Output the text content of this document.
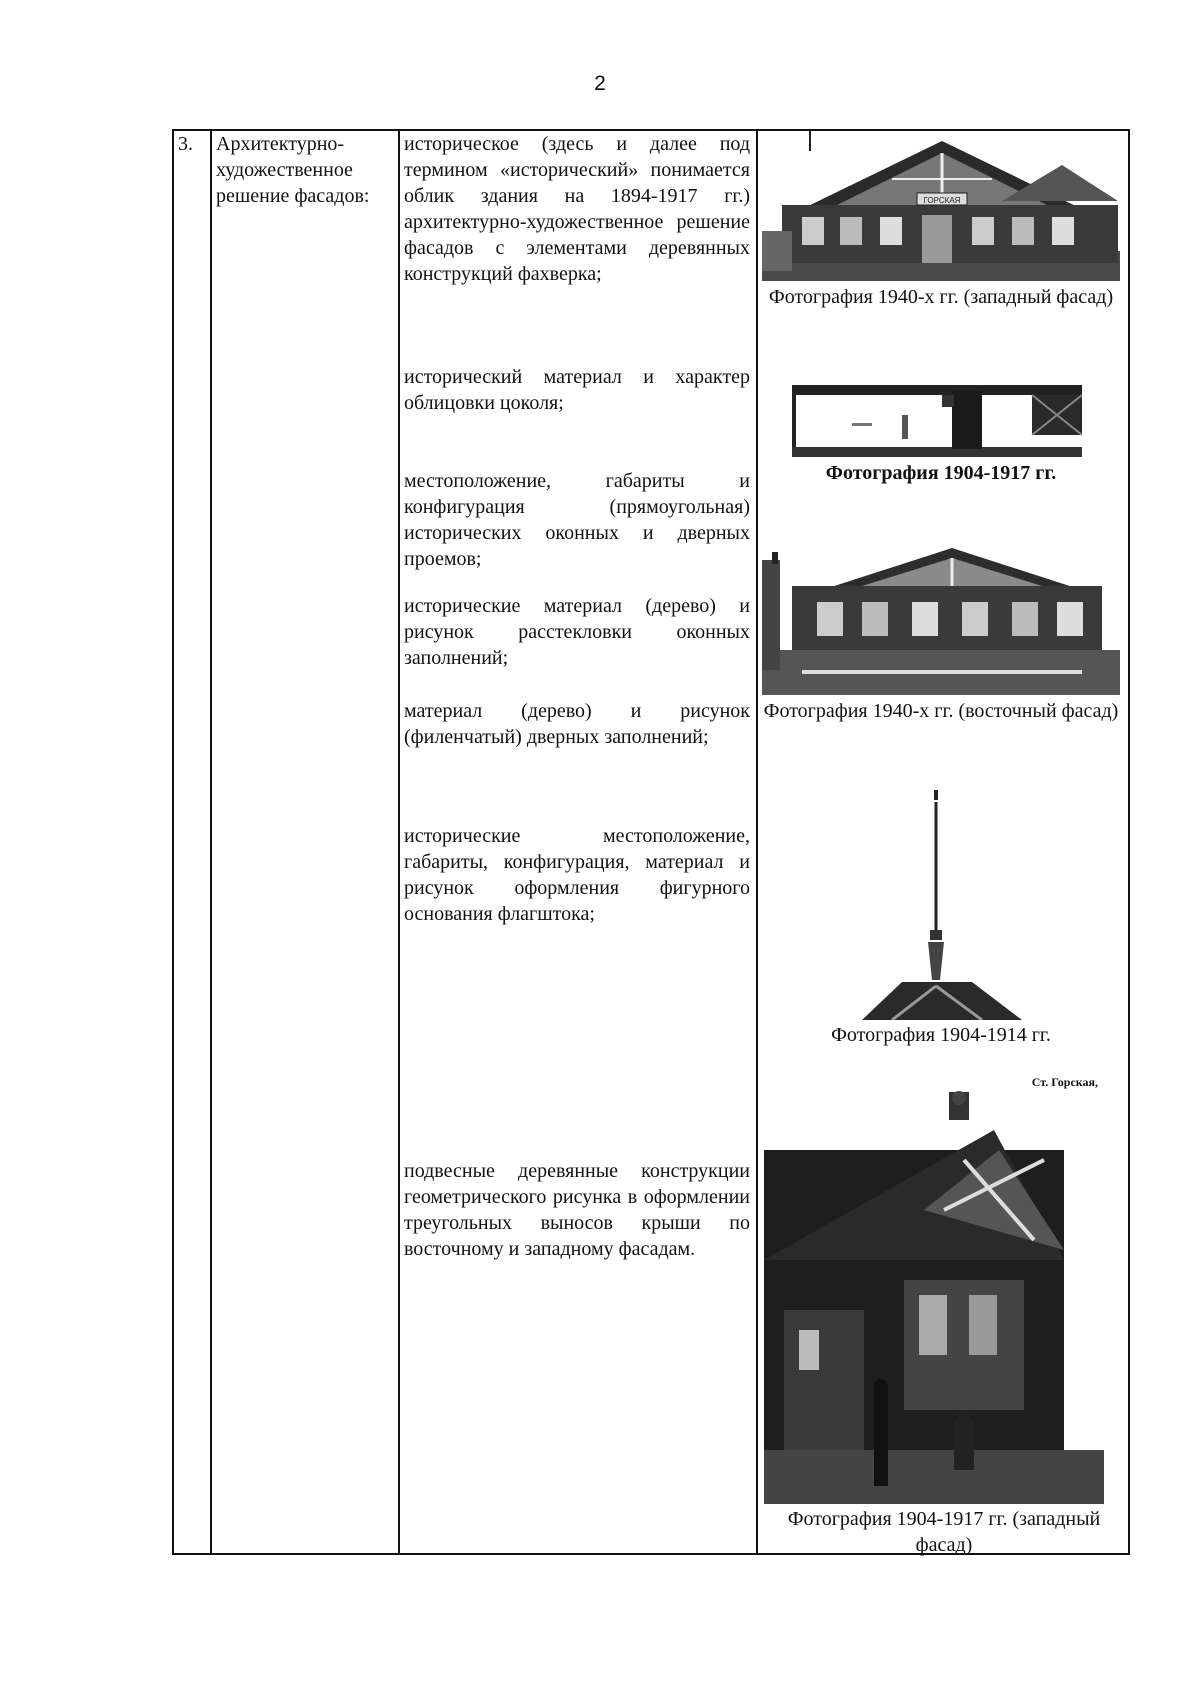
2
3.	Архитектурно-художественное решение фасадов:
историческое (здесь и далее под термином «исторический» понимается облик здания на 1894-1917 гг.) архитектурно-художественное решение фасадов с элементами деревянных конструкций фахверка;
исторический материал и характер облицовки цоколя;
местоположение, габариты и конфигурация (прямоугольная) исторических оконных и дверных проемов;
исторические материал (дерево) и рисунок расстекловки оконных заполнений;
материал (дерево) и рисунок (филенчатый) дверных заполнений;
исторические местоположение, габариты, конфигурация, материал и рисунок оформления фигурного основания флагштока;
подвесные деревянные конструкции геометрического рисунка в оформлении треугольных выносов крыши по восточному и западному фасадам.
ГОРСКАЯ
Фотография 1940-х гг. (западный фасад)
Фотография 1904-1917 гг.
Фотография 1940-х гг. (восточный фасад)
Фотография 1904-1914 гг.
Ст. Горская,
Фотография 1904-1917 гг. (западный фасад)
